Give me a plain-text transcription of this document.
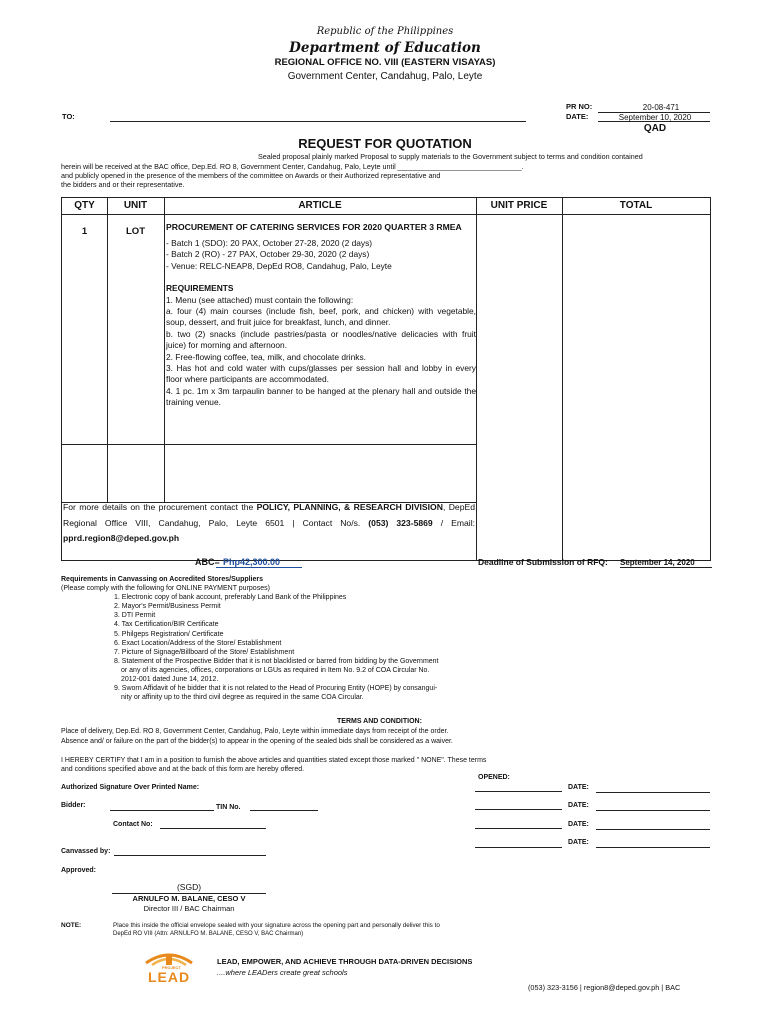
Republic of the Philippines
Department of Education
REGIONAL OFFICE NO. VIII (EASTERN VISAYAS)
Government Center, Candahug, Palo, Leyte
TO:
PR NO:	20-08-471
DATE:	September 10, 2020
QAD
REQUEST FOR QUOTATION
Sealed proposal plainly marked Proposal to supply materials to the Government subject to terms and condition contained
herein will be received at the BAC office, Dep.Ed. RO 8, Government Center, Candahug, Palo, Leyte until _______________________________.
and publicly opened in the presence of the members of the committee on Awards or their Authorized representative and
the bidders and or their representative.
QTY	UNIT	ARTICLE	UNIT PRICE	TOTAL
1	LOT	PROCUREMENT OF CATERING SERVICES FOR 2020 QUARTER 3 RMEA

- Batch 1 (SDO): 20 PAX, October 27-28, 2020 (2 days)

- Batch 2 (RO) - 27 PAX, October 29-30, 2020 (2 days)

- Venue: RELC-NEAP8, DepEd RO8, Candahug, Palo, Leyte

REQUIREMENTS

1. Menu (see attached) must contain the following:

a. four (4) main courses (include fish, beef, pork, and chicken) with vegetable, soup, dessert, and fruit juice for breakfast, lunch, and dinner.

b. two (2) snacks (include pastries/pasta or noodles/native delicacies with fruit juice) for morning and afternoon.

2. Free-flowing coffee, tea, milk, and chocolate drinks.

3. Has hot and cold water with cups/glasses per session hall and lobby in every floor where participants are accommodated.

4. 1 pc. 1m x 3m tarpaulin banner to be hanged at the plenary hall and outside the training venue.

For more details on the procurement contact the POLICY, PLANNING, & RESEARCH DIVISION, DepEd Regional Office VIII, Candahug, Palo, Leyte 6501 | Contact No/s. (053) 323-5869 / Email: pprd.region8@deped.gov.ph
ABC= Php42,300.00	Deadline of Submission of RFQ: September 14, 2020
Requirements in Canvassing on Accredited Stores/Suppliers
(Please comply with the following for ONLINE PAYMENT purposes)
1. Electronic copy of bank account, preferably Land Bank of the Philippines
2. Mayor's Permit/Business Permit
3. DTI Permit
4. Tax Certification/BIR Certificate
5. Philgeps Registration/ Certificate
6. Exact Location/Address of the Store/ Establishment
7. Picture of Signage/Billboard of the Store/ Establishment
8. Statement of the Prospective Bidder that it is not blacklisted or barred from bidding by the Government
or any of its agencies, offices, corporations or LGUs as required in Item No. 9.2 of COA Circular No.
2012-001 dated June 14, 2012.
9. Sworn Affidavit of he bidder that it is not related to the Head of Procuring Entity (HOPE) by consangui-
nity or affinity up to the third civil degree as required in the same COA Circular.
TERMS AND CONDITION:
Place of delivery, Dep.Ed. RO 8, Government Center, Candahug, Palo, Leyte within immediate days from receipt of the order.
Absence and/ or failure on the part of the bidder(s) to appear in the opening of the sealed bids shall be considered as a waiver.
I HEREBY CERTIFY that I am in a position to furnish the above articles and quantities stated except those marked " NONE". These terms
and conditions specified above and at the back of this form are hereby offered.
OPENED:
Authorized Signature Over Printed Name:	DATE:
Bidder:	TIN No.	DATE:
Contact No:	DATE:
DATE:
Canvassed by:
Approved:
(SGD)
ARNULFO M. BALANE, CESO V
Director III / BAC Chairman
NOTE:	Place this inside the official envelope sealed with your signature across the opening part and personally deliver this to
DepEd RO VIII (Attn: ARNULFO M. BALANE, CESO V, BAC Chairman)
PROJECT
LEAD
LEAD, EMPOWER, AND ACHIEVE THROUGH DATA-DRIVEN DECISIONS
....where LEADers create great schools
(053) 323-3156 | region8@deped.gov.ph | BAC
